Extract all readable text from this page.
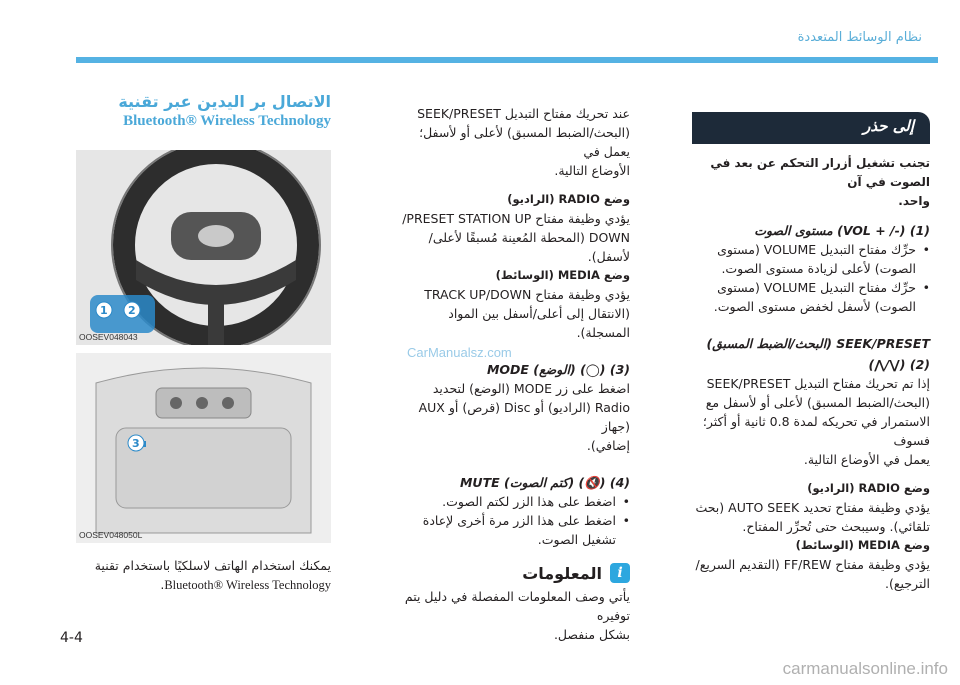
نظام الوسائط المتعددة
إلى حذر

تجنب تشغيل أزرار التحكم عن بعد في الصوت في آن

واحد.

(1) (-/ + VOL) مستوى الصوت

• حرِّك مفتاح التبديل VOLUME (مستوى

الصوت) لأعلى لزيادة مستوى الصوت.

• حرِّك مفتاح التبديل VOLUME (مستوى

الصوت) لأسفل لخفض مستوى الصوت.

SEEK/PRESET (البحث/الضبط المسبق)

(2) (⋁/⋀)

إذا تم تحريك مفتاح التبديل SEEK/PRESET

(البحث/الضبط المسبق) لأعلى أو لأسفل مع

الاستمرار في تحريكه لمدة 0.8 ثانية أو أكثر؛ فسوف

يعمل في الأوضاع التالية.

وضع RADIO (الراديو)

يؤدي وظيفة مفتاح تحديد AUTO SEEK (بحث

تلقائي). وسيبحث حتى تُحرِّر المفتاح.

وضع MEDIA (الوسائط)

يؤدي وظيفة مفتاح FF/REW (التقديم السريع/

الترجيع).

عند تحريك مفتاح التبديل SEEK/PRESET

(البحث/الضبط المسبق) لأعلى أو لأسفل؛ يعمل في

الأوضاع التالية.

وضع RADIO (الراديو)

يؤدي وظيفة مفتاح PRESET STATION UP/

DOWN (المحطة المُعينة مُسبقًا لأعلى/لأسفل).

وضع MEDIA (الوسائط)

يؤدي وظيفة مفتاح TRACK UP/DOWN

(الانتقال إلى أعلى/أسفل بين المواد المسجلة).

(3) (◯) (الوضع) MODE

اضغط على زر MODE (الوضع) لتحديد

Radio (الراديو) أو Disc (قرص) أو AUX (جهاز

إضافي).

(4) (🔇) (كتم الصوت) MUTE

• اضغط على هذا الزر لكتم الصوت.

• اضغط على هذا الزر مرة أخرى لإعادة تشغيل الصوت.

i
المعلومات

يأتي وصف المعلومات المفصلة في دليل يتم توفيره

بشكل منفصل.

الاتصال بر الیدين عبر تقنية
Bluetooth® Wireless Technology
1 2
OOSEV048043
3
OOSEV048050L

يمكنك استخدام الهاتف لاسلكيًا باستخدام تقنية

Bluetooth® Wireless Technology.

4-4
CarManualsz.com
carmanualsonline.info
